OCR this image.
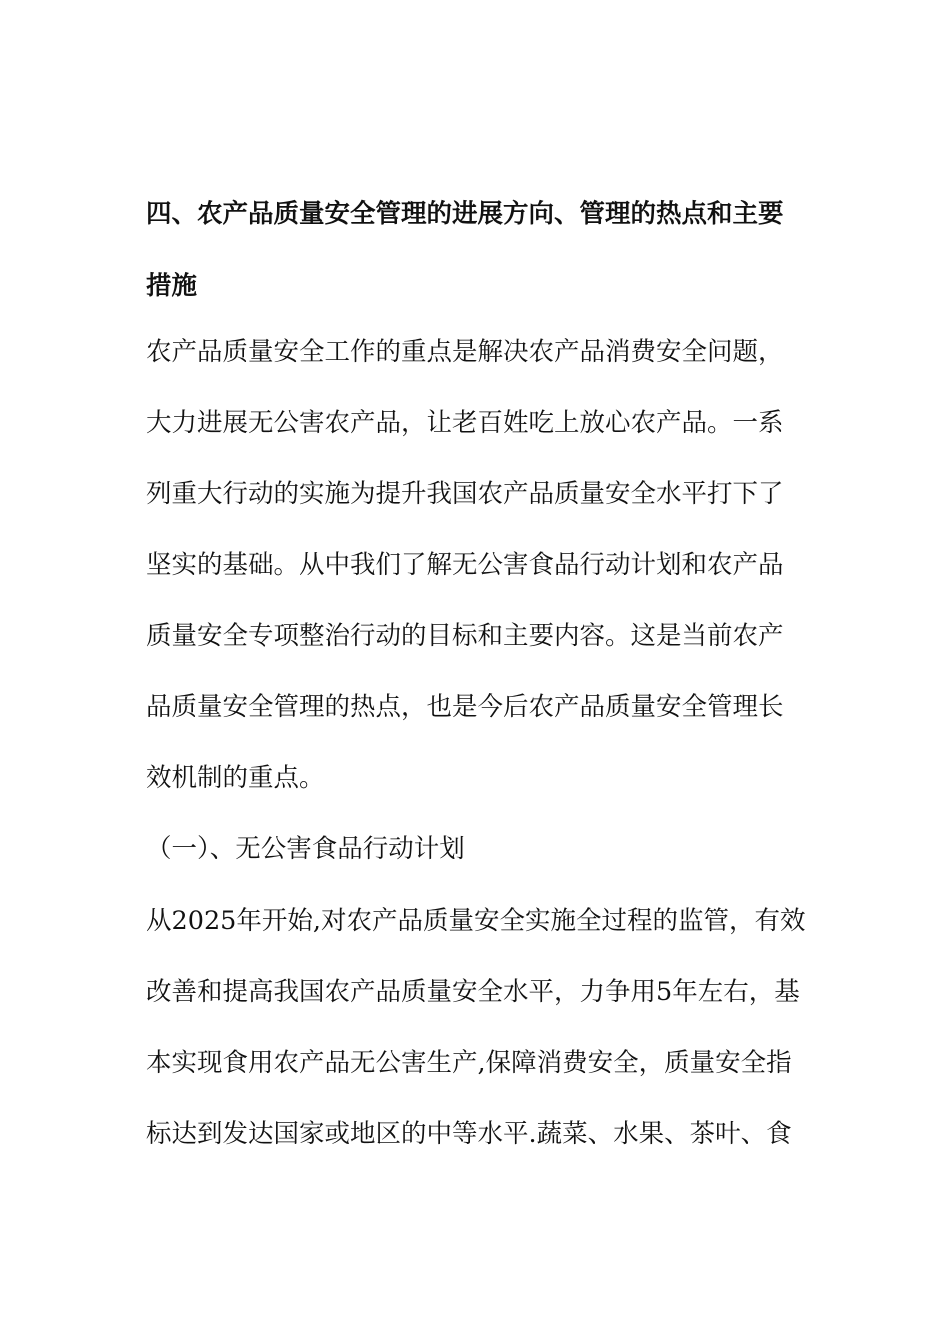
四、农产品质量安全管理的进展方向、管理的热点和主要
措施
农产品质量安全工作的重点是解决农产品消费安全问题，
大力进展无公害农产品，让老百姓吃上放心农产品。一系
列重大行动的实施为提升我国农产品质量安全水平打下了
坚实的基础。从中我们了解无公害食品行动计划和农产品
质量安全专项整治行动的目标和主要内容。这是当前农产
品质量安全管理的热点，也是今后农产品质量安全管理长
效机制的重点。
（一）、无公害食品行动计划
从2025年开始,对农产品质量安全实施全过程的监管，有效
改善和提高我国农产品质量安全水平，力争用5年左右，基
本实现食用农产品无公害生产,保障消费安全，质量安全指
标达到发达国家或地区的中等水平.蔬菜、水果、茶叶、食
